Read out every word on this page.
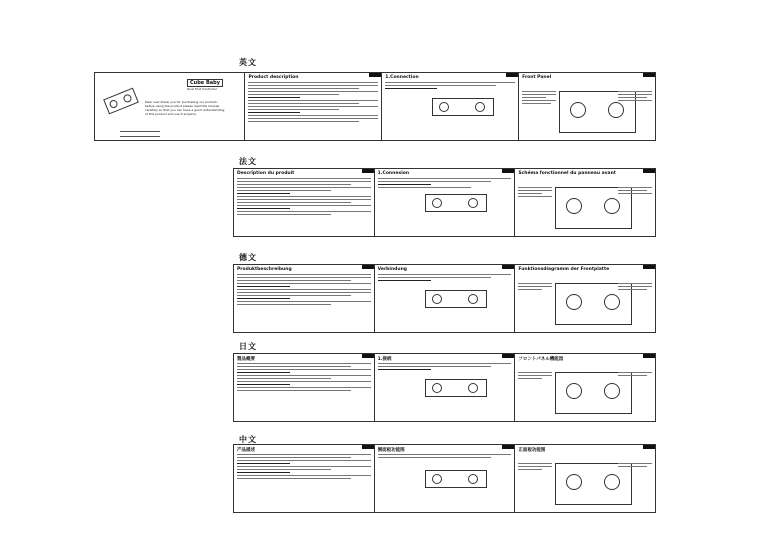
英文
Cube Baby
Dual Foot Controller
Dear user,thank you for purchasing our product.
before using the product please read this manual
carefully so that you can have a good understanding
of this product and use it properly.
Product description	1.Connection	Front Panel
法文
Description du produit	1.Connexion	Schéma fonctionnel du panneau avant
德文
Produktbeschreibung	Verbindung	Funktionsdiagramm der Frontplatte
日文
製品概要	1.接続	フロントパネル機能図
中文
产品描述	侧面板功能图	正面板功能图
